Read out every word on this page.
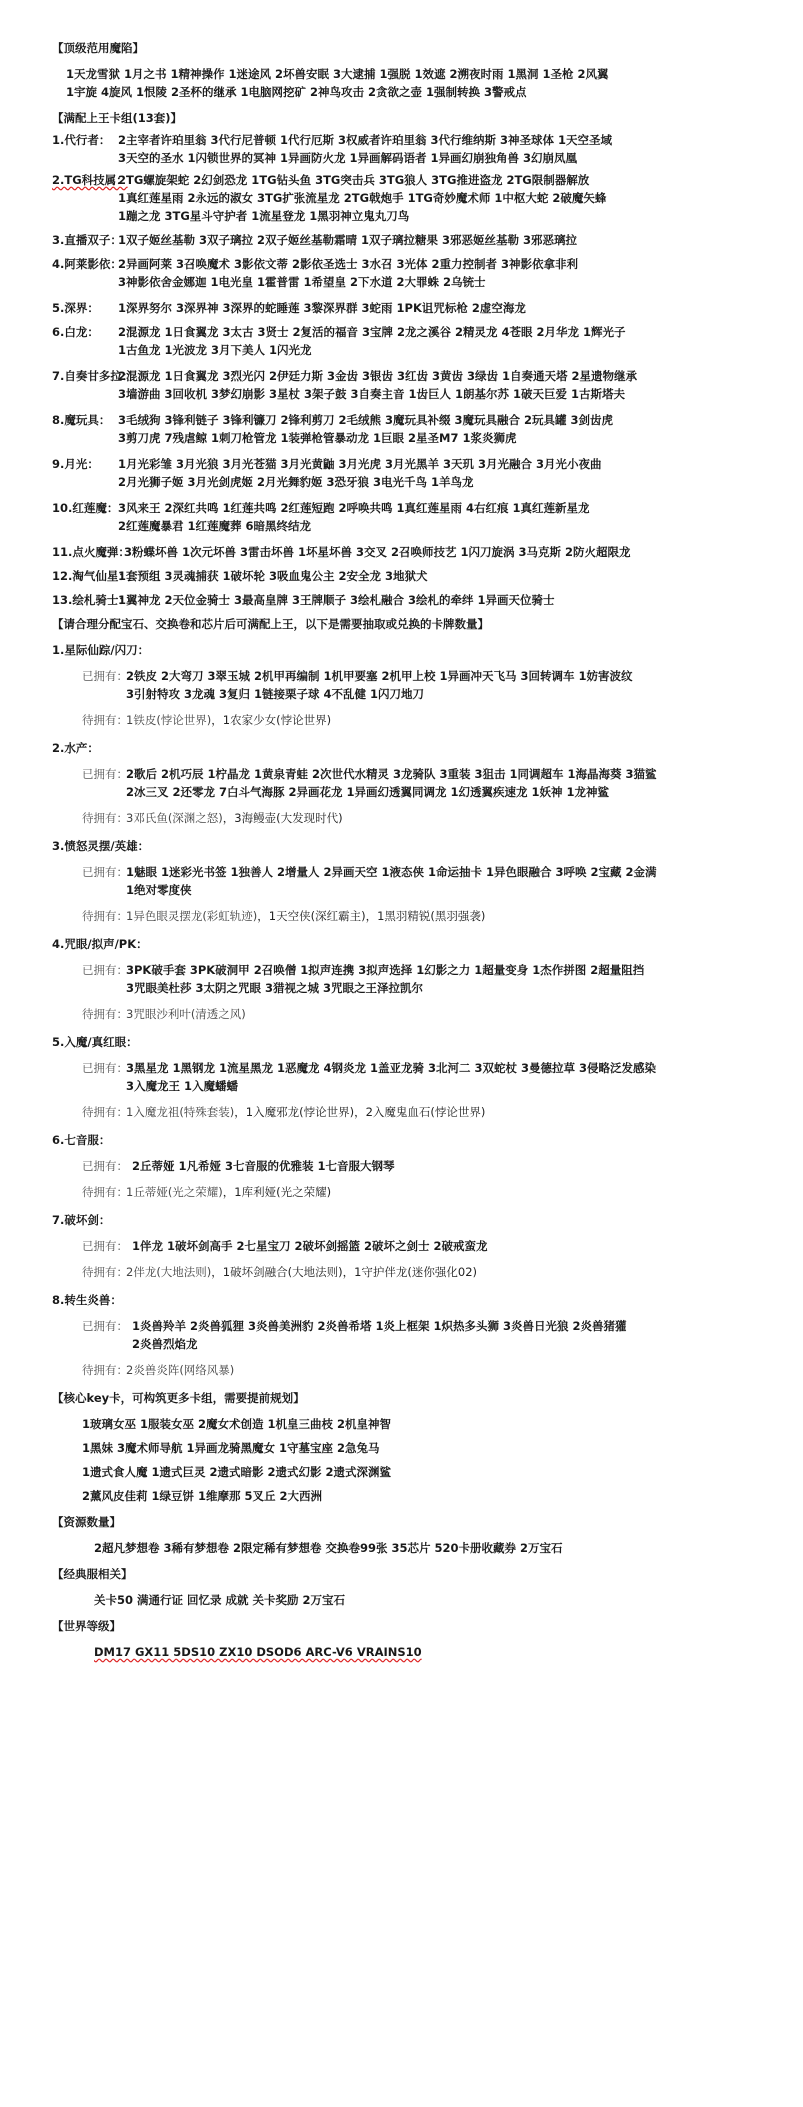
【顶级范用魔陷】
1天龙雪狱 1月之书 1精神操作 1迷途风 2坏兽安眠 3大逮捕 1强脱 1效遮 2溯夜时雨 1黑洞 1圣枪 2风翼
1宇旋 4旋风 1恨陵 2圣杯的继承 1电脑网挖矿 2神鸟攻击 2贪欲之壶 1强制转换 3警戒点
【满配上王卡组(13套)】
1.代行者： 2主宰者许珀里翁 3代行尼普顿 1代行厄斯 3权威者许珀里翁 3代行维纳斯 3神圣球体 1天空圣域
3天空的圣水 1闪锁世界的冥神 1异画防火龙 1异画解码语者 1异画幻崩独角兽 3幻崩凤凰
2.TG科技属：
2TG螺旋架蛇 2幻剑恐龙 1TG钻头鱼 3TG突击兵 3TG狼人 3TG推进盗龙 2TG限制器解放
1真红莲星雨 2永远的淑女 3TG扩张流星龙 2TG戟炮手 1TG奇妙魔术师 1中枢大蛇 2破魔矢蜂
1蹦之龙 3TG星斗守护者 1流星登龙 1黑羽神立鬼丸刀鸟
3.直播双子：
1双子姬丝基勒 3双子璃拉 2双子姬丝基勒霜晴 1双子璃拉糖果 3邪恶姬丝基勒 3邪恶璃拉
4.阿莱影依：
2异画阿莱 3召唤魔术 3影依文蒂 2影依圣选士 3水召 3光体 2重力控制者 3神影依拿非利
3神影依舍金娜迦 1电光皇 1霍普雷 1希望皇 2下水道 2大罪蛛 2乌铳士
5.深界： 1深界努尔 3深界神 3深界的蛇睡莲 3黎深界群 3蛇雨 1PK诅咒标枪 2虚空海龙
6.白龙： 2混源龙 1日食翼龙 3太古 3贤士 2复活的福音 3宝牌 2龙之溪谷 2精灵龙 4苍眼 2月华龙 1辉光子
1古鱼龙 1光波龙 3月下美人 1闪光龙
7.自奏甘多拉：
2混源龙 1日食翼龙 3烈光闪 2伊廷力斯 3金齿 3银齿 3红齿 3黄齿 3绿齿 1自奏通天塔 2星遗物继承
3墙游曲 3回收机 3梦幻崩影 3星杖 3架子鼓 3自奏主音 1齿巨人 1朗基尔苏 1破天巨爱 1古斯塔夫
8.魔玩具： 3毛绒狗 3锋利链子 3锋利镰刀 2锋利剪刀 2毛绒熊 3魔玩具补缀 3魔玩具融合 2玩具罐 3剑齿虎
3剪刀虎 7残虐鲸 1刺刀枪管龙 1装弹枪管暴动龙 1巨眼 2星圣M7 1浆炎狮虎
9.月光： 1月光彩雏 3月光狼 3月光苍猫 3月光黄鼬 3月光虎 3月光黑羊 3天玑 3月光融合 3月光小夜曲
2月光狮子姬 3月光剑虎姬 2月光舞豹姬 3恐牙狼 3电光千鸟 1羊鸟龙
10.红莲魔： 3风来王 2深红共鸣 1红莲共鸣 2红莲短跑 2呼唤共鸣 1真红莲星雨 4右红痕 1真红莲新星龙
2红莲魔暴君 1红莲魔葬 6暗黑终结龙
11.点火魔弹：
3粉蝶坏兽 1次元坏兽 3雷击坏兽 1坏星坏兽 3交叉 2召唤师技艺 1闪刀旋涡 3马克斯 2防火超限龙
12.淘气仙星：
1套预组 3灵魂捕获 1破坏轮 3吸血鬼公主 2安全龙 3地狱犬
13.绘札骑士：
1翼神龙 2天位金骑士 3最高皇牌 3王牌顺子 3绘札融合 3绘札的牵绊 1异画天位骑士
【请合理分配宝石、交换卷和芯片后可满配上王，以下是需要抽取或兑换的卡牌数量】
1.星际仙踪/闪刀：
已拥有：
2铁皮 2大弯刀 3翠玉城 2机甲再编制 1机甲要塞 2机甲上校 1异画冲天飞马 3回转调车 1妨害波纹
3引射特攻 3龙魂 3复归 1链接栗子球 4不乱健 1闪刀地刀
待拥有：
1铁皮(悖论世界)，1农家少女(悖论世界)
2.水产：
已拥有：
2歌后 2机巧辰 1柠晶龙 1黄泉青蛙 2次世代水精灵 3龙骑队 3重装 3狙击 1同调超车 1海晶海葵 3猫鲨
2冰三叉 2还零龙 7白斗气海豚 2异画花龙 1异画幻透翼同调龙 1幻透翼疾速龙 1妖神 1龙神鲨
待拥有：
3邓氏鱼(深渊之怒)，3海鳗壶(大发现时代)
3.愤怒灵摆/英雄：
已拥有：
1魅眼 1迷彩光书签 1独善人 2增量人 2异画天空 1液态侠 1命运抽卡 1异色眼融合 3呼唤 2宝藏 2金满
1绝对零度侠
待拥有：
1异色眼灵摆龙(彩虹轨迹)，1天空侠(深红霸主)，1黑羽精锐(黑羽强袭)
4.咒眼/拟声/PK：
已拥有：
3PK破手套 3PK破洞甲 2召唤僧 1拟声连携 3拟声选择 1幻影之力 1超量变身 1杰作拼图 2超量阻挡
3咒眼美杜莎 3太阴之咒眼 3猎视之城 3咒眼之王泽拉凯尔
待拥有：
3咒眼沙利叶(清透之风)
5.入魔/真红眼：
已拥有：
3黑星龙 1黑钢龙 1流星黑龙 1恶魔龙 4钢炎龙 1盖亚龙骑 3北河二 3双蛇杖 3曼德拉草 3侵略泛发感染
3入魔龙王 1入魔蟠蟠
待拥有：
1入魔龙祖(特殊套装)，1入魔邪龙(悖论世界)，2入魔鬼血石(悖论世界)
6.七音服：
已拥有： 2丘蒂娅 1凡希娅 3七音服的优雅装 1七音服大钢琴
待拥有：
1丘蒂娅(光之荣耀)，1库利娅(光之荣耀)
7.破坏剑：
已拥有： 1伴龙 1破坏剑高手 2七星宝刀 2破坏剑摇篮 2破坏之剑士 2破戒蛮龙
待拥有：
2伴龙(大地法则)，1破坏剑融合(大地法则)，1守护伴龙(迷你强化02)
8.转生炎兽：
已拥有： 1炎兽羚羊 2炎兽狐狸 3炎兽美洲豹 2炎兽希塔 1炎上框架 1炽热多头狮 3炎兽日光狼 2炎兽猪獾
2炎兽烈焰龙
待拥有：
2炎兽炎阵(网络风暴)
【核心key卡，可构筑更多卡组，需要提前规划】
1玻璃女巫 1服装女巫 2魔女术创造 1机皇三曲枝 2机皇神智
1黑妹 3魔术师导航 1异画龙骑黑魔女 1守墓宝座 2急兔马
1遗式食人魔 1遗式巨灵 2遗式暗影 2遗式幻影 2遗式深渊鲨
2薰风皮佳莉 1绿豆饼 1维摩那 5叉丘 2大西洲
【资源数量】
2超凡梦想卷 3稀有梦想卷 2限定稀有梦想卷 交换卷99张 35芯片 520卡册收藏券 2万宝石
【经典服相关】
关卡50 满通行证 回忆录 成就 关卡奖励 2万宝石
【世界等级】
DM17 GX11 5DS10 ZX10 DSOD6 ARC-V6 VRAINS10
